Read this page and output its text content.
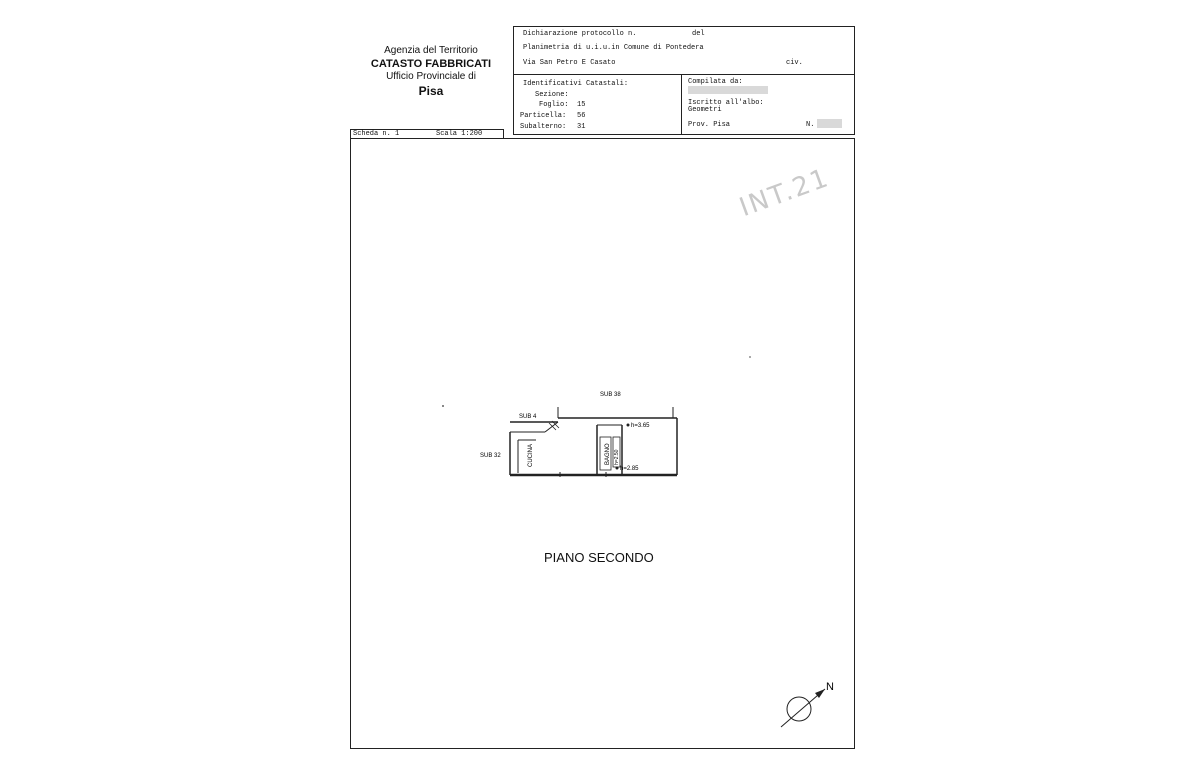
Agenzia del Territorio
CATASTO FABBRICATI
Ufficio Provinciale di
Pisa
Dichiarazione protocollo n.	del
Planimetria di u.i.u.in Comune di Pontedera
Via San Petro E Casato	civ.
Identificativi Catastali:
Sezione:
Foglio: 15
Particella: 56
Subalterno: 31
Compilata da:
Iscritto all'albo:
Geometri
Prov. Pisa	N.
Scheda n. 1	Scala 1:200
INT.21
SUB 38
SUB 4
SUB 32	CUCINA	BAGNO h=2.50
h=3.65
h=2.85
PIANO SECONDO
N
